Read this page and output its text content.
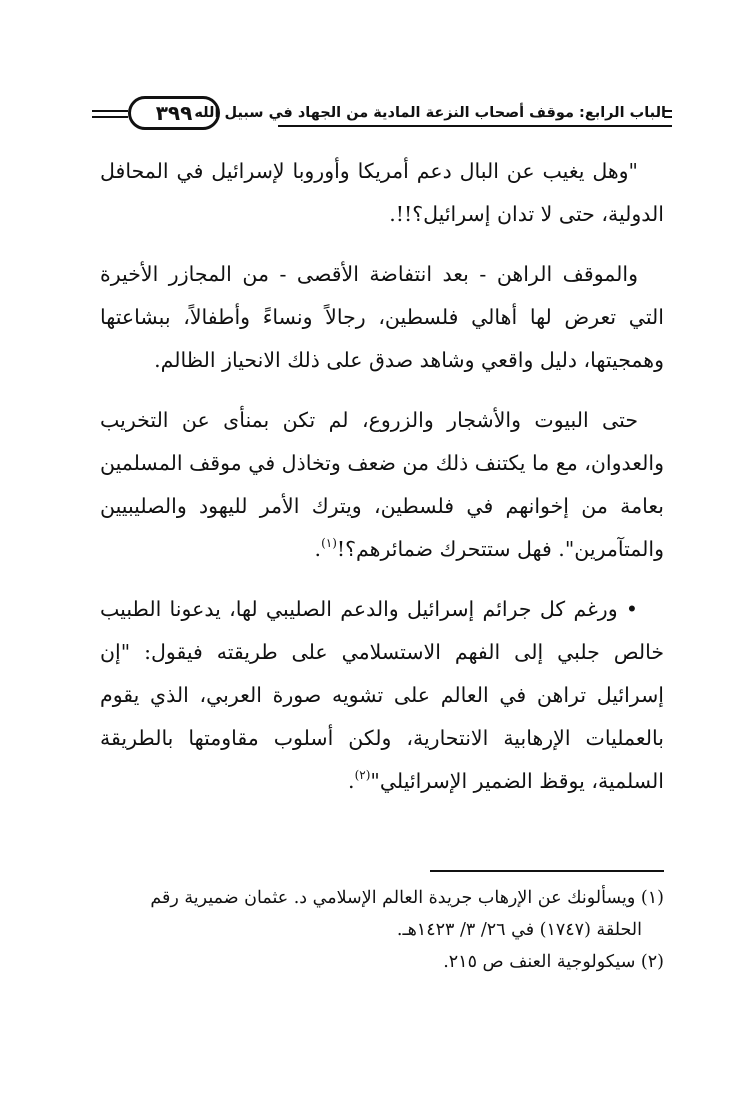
٣٩٩ الباب الرابع: موقف أصحاب النزعة المادية من الجهاد في سبيل الله

"وهل يغيب عن البال دعم أمريكا وأوروبا لإسرائيل في المحافل الدولية، حتى لا تدان إسرائيل؟!!.

والموقف الراهن - بعد انتفاضة الأقصى - من المجازر الأخيرة التي تعرض لها أهالي فلسطين، رجالاً ونساءً وأطفالاً، ببشاعتها وهمجيتها، دليل واقعي وشاهد صدق على ذلك الانحياز الظالم.

حتى البيوت والأشجار والزروع، لم تكن بمنأى عن التخريب والعدوان، مع ما يكتنف ذلك من ضعف وتخاذل في موقف المسلمين بعامة من إخوانهم في فلسطين، ويترك الأمر لليهود والصليبيين والمتآمرين". فهل ستتحرك ضمائرهم؟!$^{(١)}$.

• ورغم كل جرائم إسرائيل والدعم الصليبي لها، يدعونا الطبيب خالص جلبي إلى الفهم الاستسلامي على طريقته فيقول: "إن إسرائيل تراهن في العالم على تشويه صورة العربي، الذي يقوم بالعمليات الإرهابية الانتحارية، ولكن أسلوب مقاومتها بالطريقة السلمية، يوقظ الضمير الإسرائيلي"$^{(٢)}$.

(١) ويسألونك عن الإرهاب جريدة العالم الإسلامي د. عثمان ضميرية رقم

الحلقة (١٧٤٧) في ٢٦/ ٣/ ١٤٢٣هـ.

(٢) سيكولوجية العنف ص ٢١٥.
